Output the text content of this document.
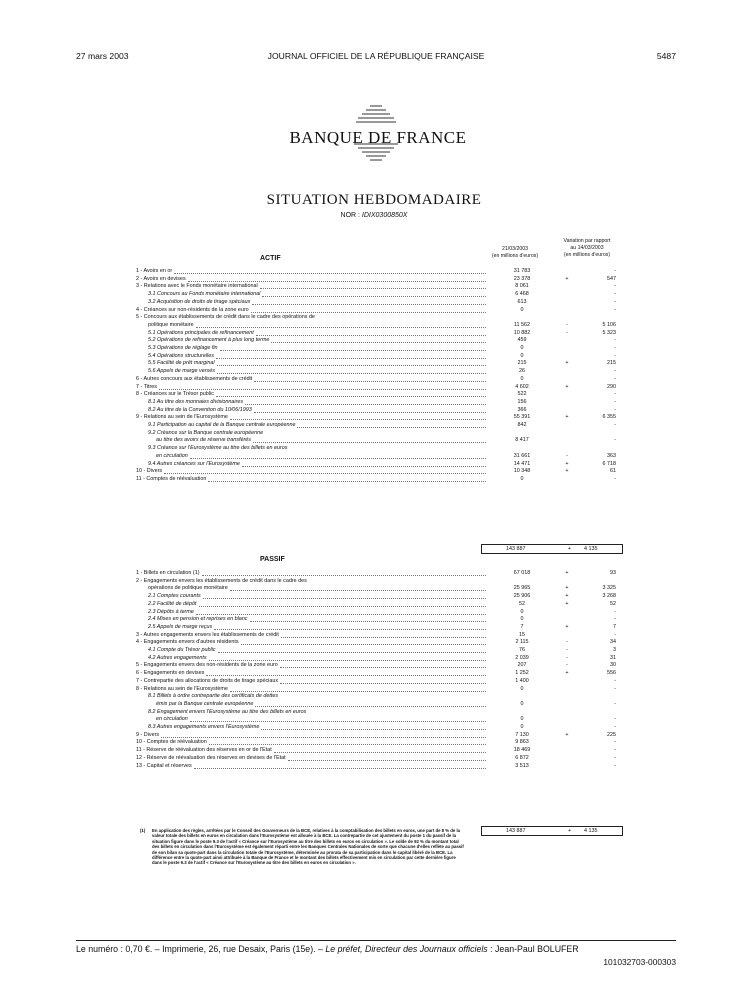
27 mars 2003	JOURNAL OFFICIEL DE LA RÉPUBLIQUE FRANÇAISE	5487
BANQUE DE FRANCE
SITUATION HEBDOMADAIRE
NOR : IDIX0300850X
21/03/2003
(en millions d'euros)
Variation par rapport
au 14/03/2003
(en millions d'euros)
ACTIF
1 - Avoirs en or	31 783	-
2 - Avoirs en devises	23 378	+	547
3 - Relations avec le Fonds monétaire international	8 061	-
3.1 Concours au Fonds monétaire international	6 468	-
3.2 Acquisition de droits de tirage spéciaux	613	-
4 - Créances sur non-résidents de la zone euro	0	-
5 - Concours aux établissements de crédit dans le cadre des opérations de
politique monétaire	11 562	-	5 106
5.1 Opérations principales de refinancement	10 882	-	5 323
5.2 Opérations de refinancement à plus long terme	459	-
5.3 Opérations de réglage fin	0	-
5.4 Opérations structurelles	0	-
5.5 Facilité de prêt marginal	215	+	215
5.6 Appels de marge versés	26	-
6 - Autres concours aux établissements de crédit	0	-
7 - Titres	4 602	+	290
8 - Créances sur le Trésor public	522	-
8.1 Au titre des monnaies divisionnaires	156	-
8.2 Au titre de la Convention du 10/06/1993	366	-
9 - Relations au sein de l'Eurosystème	55 391	+	6 355
9.1 Participation au capital de la Banque centrale européenne	842	-
9.2 Créance sur la Banque centrale européenne
au titre des avoirs de réserve transférés	8 417	-
9.3 Créance sur l'Eurosystème au titre des billets en euros
en circulation	31 661	-	363
9.4 Autres créances sur l'Eurosystème	14 471	+	6 718
10 - Divers	10 348	+	61
11 - Comptes de réévaluation	0	-
143 887	+ 4 135
PASSIF
1 - Billets en circulation (1)	67 018	+	93
2 - Engagements envers les établissements de crédit dans le cadre des
opérations de politique monétaire	25 965	+	3 325
2.1 Comptes courants	25 906	+	3 268
2.2 Facilité de dépôt	52	+	52
2.3 Dépôts à terme	0	-
2.4 Mises en pension et reprises en blanc	0	-
2.5 Appels de marge reçus	7	+	7
3 - Autres engagements envers les établissements de crédit	15	-
4 - Engagements envers d'autres résidents	2 115	-	34
4.1 Compte du Trésor public	76	-	3
4.2 Autres engagements	2 039	-	31
5 - Engagements envers des non-résidents de la zone euro	207	-	30
6 - Engagements en devises	1 252	+	556
7 - Contrepartie des allocations de droits de tirage spéciaux	1 400	-
8 - Relations au sein de l'Eurosystème	0	-
8.1 Billets à ordre contrepartie des certificats de dettes
émis par la Banque centrale européenne	0	-
8.2 Engagement envers l'Eurosystème au titre des billets en euros
en circulation	0	-
8.3 Autres engagements envers l'Eurosystème	0	-
9 - Divers	7 130	+	225
10 - Comptes de réévaluation	9 863	-
11 - Réserve de réévaluation des réserves en or de l'Etat	18 469	-
12 - Réserve de réévaluation des réserves en devises de l'Etat	6 872	-
13 - Capital et réserves	3 513	-
143 887	+ 4 135
(1) En application des règles, arrêtées par le Conseil des Gouverneurs de la BCE, relatives à la comptabilisation des billets en euros, une part de 8 % de la valeur totale des billets en euros en circulation dans l'Eurosystème est allouée à la BCE. La contrepartie de cet ajustement du poste 1 du passif de la situation figure dans le poste 9.3 de l'actif « Créance sur l'Eurosystème au titre des billets en euros en circulation ». Le solde de 92 % du montant total des billets en circulation dans l'Eurosystème est également réparti entre les Banques Centrales Nationales de sorte que chacune d'elles reflète au passif de son bilan sa quote-part dans la circulation totale de l'Eurosystème, déterminée au prorata de sa participation dans le capital libéré de la BCE. La différence entre la quote-part ainsi attribuée à la Banque de France et le montant des billets effectivement mis en circulation par cette dernière figure dans le poste 9.3 de l'actif « Créance sur l'Eurosystème au titre des billets en euros en circulation ».
Le numéro : 0,70 €. – Imprimerie, 26, rue Desaix, Paris (15e). – Le préfet, Directeur des Journaux officiels : Jean-Paul BOLUFER
101032703-000303
